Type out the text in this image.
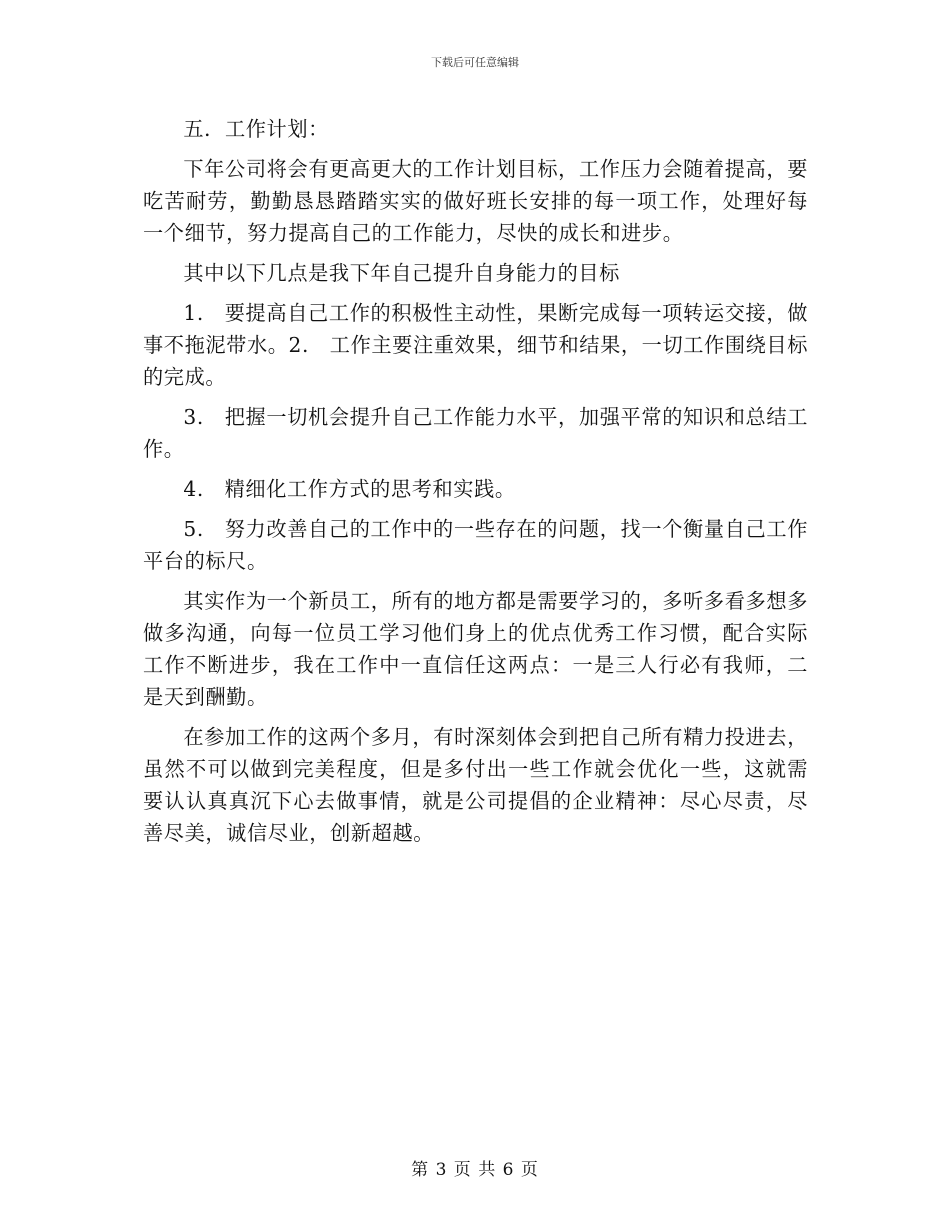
下载后可任意编辑

五．工作计划：

下年公司将会有更高更大的工作计划目标，工作压力会随着提高，要吃苦耐劳，勤勤恳恳踏踏实实的做好班长安排的每一项工作，处理好每一个细节，努力提高自己的工作能力，尽快的成长和进步。

其中以下几点是我下年自己提升自身能力的目标

1.　要提高自己工作的积极性主动性，果断完成每一项转运交接，做事不拖泥带水。2.　工作主要注重效果，细节和结果，一切工作围绕目标的完成。

3.　把握一切机会提升自己工作能力水平，加强平常的知识和总结工作。

4.　精细化工作方式的思考和实践。

5.　努力改善自己的工作中的一些存在的问题，找一个衡量自己工作平台的标尺。

其实作为一个新员工，所有的地方都是需要学习的，多听多看多想多做多沟通，向每一位员工学习他们身上的优点优秀工作习惯，配合实际工作不断进步，我在工作中一直信任这两点：一是三人行必有我师，二是天到酬勤。

在参加工作的这两个多月，有时深刻体会到把自己所有精力投进去，虽然不可以做到完美程度，但是多付出一些工作就会优化一些，这就需要认认真真沉下心去做事情，就是公司提倡的企业精神：尽心尽责，尽善尽美，诚信尽业，创新超越。

第 3 页 共 6 页
